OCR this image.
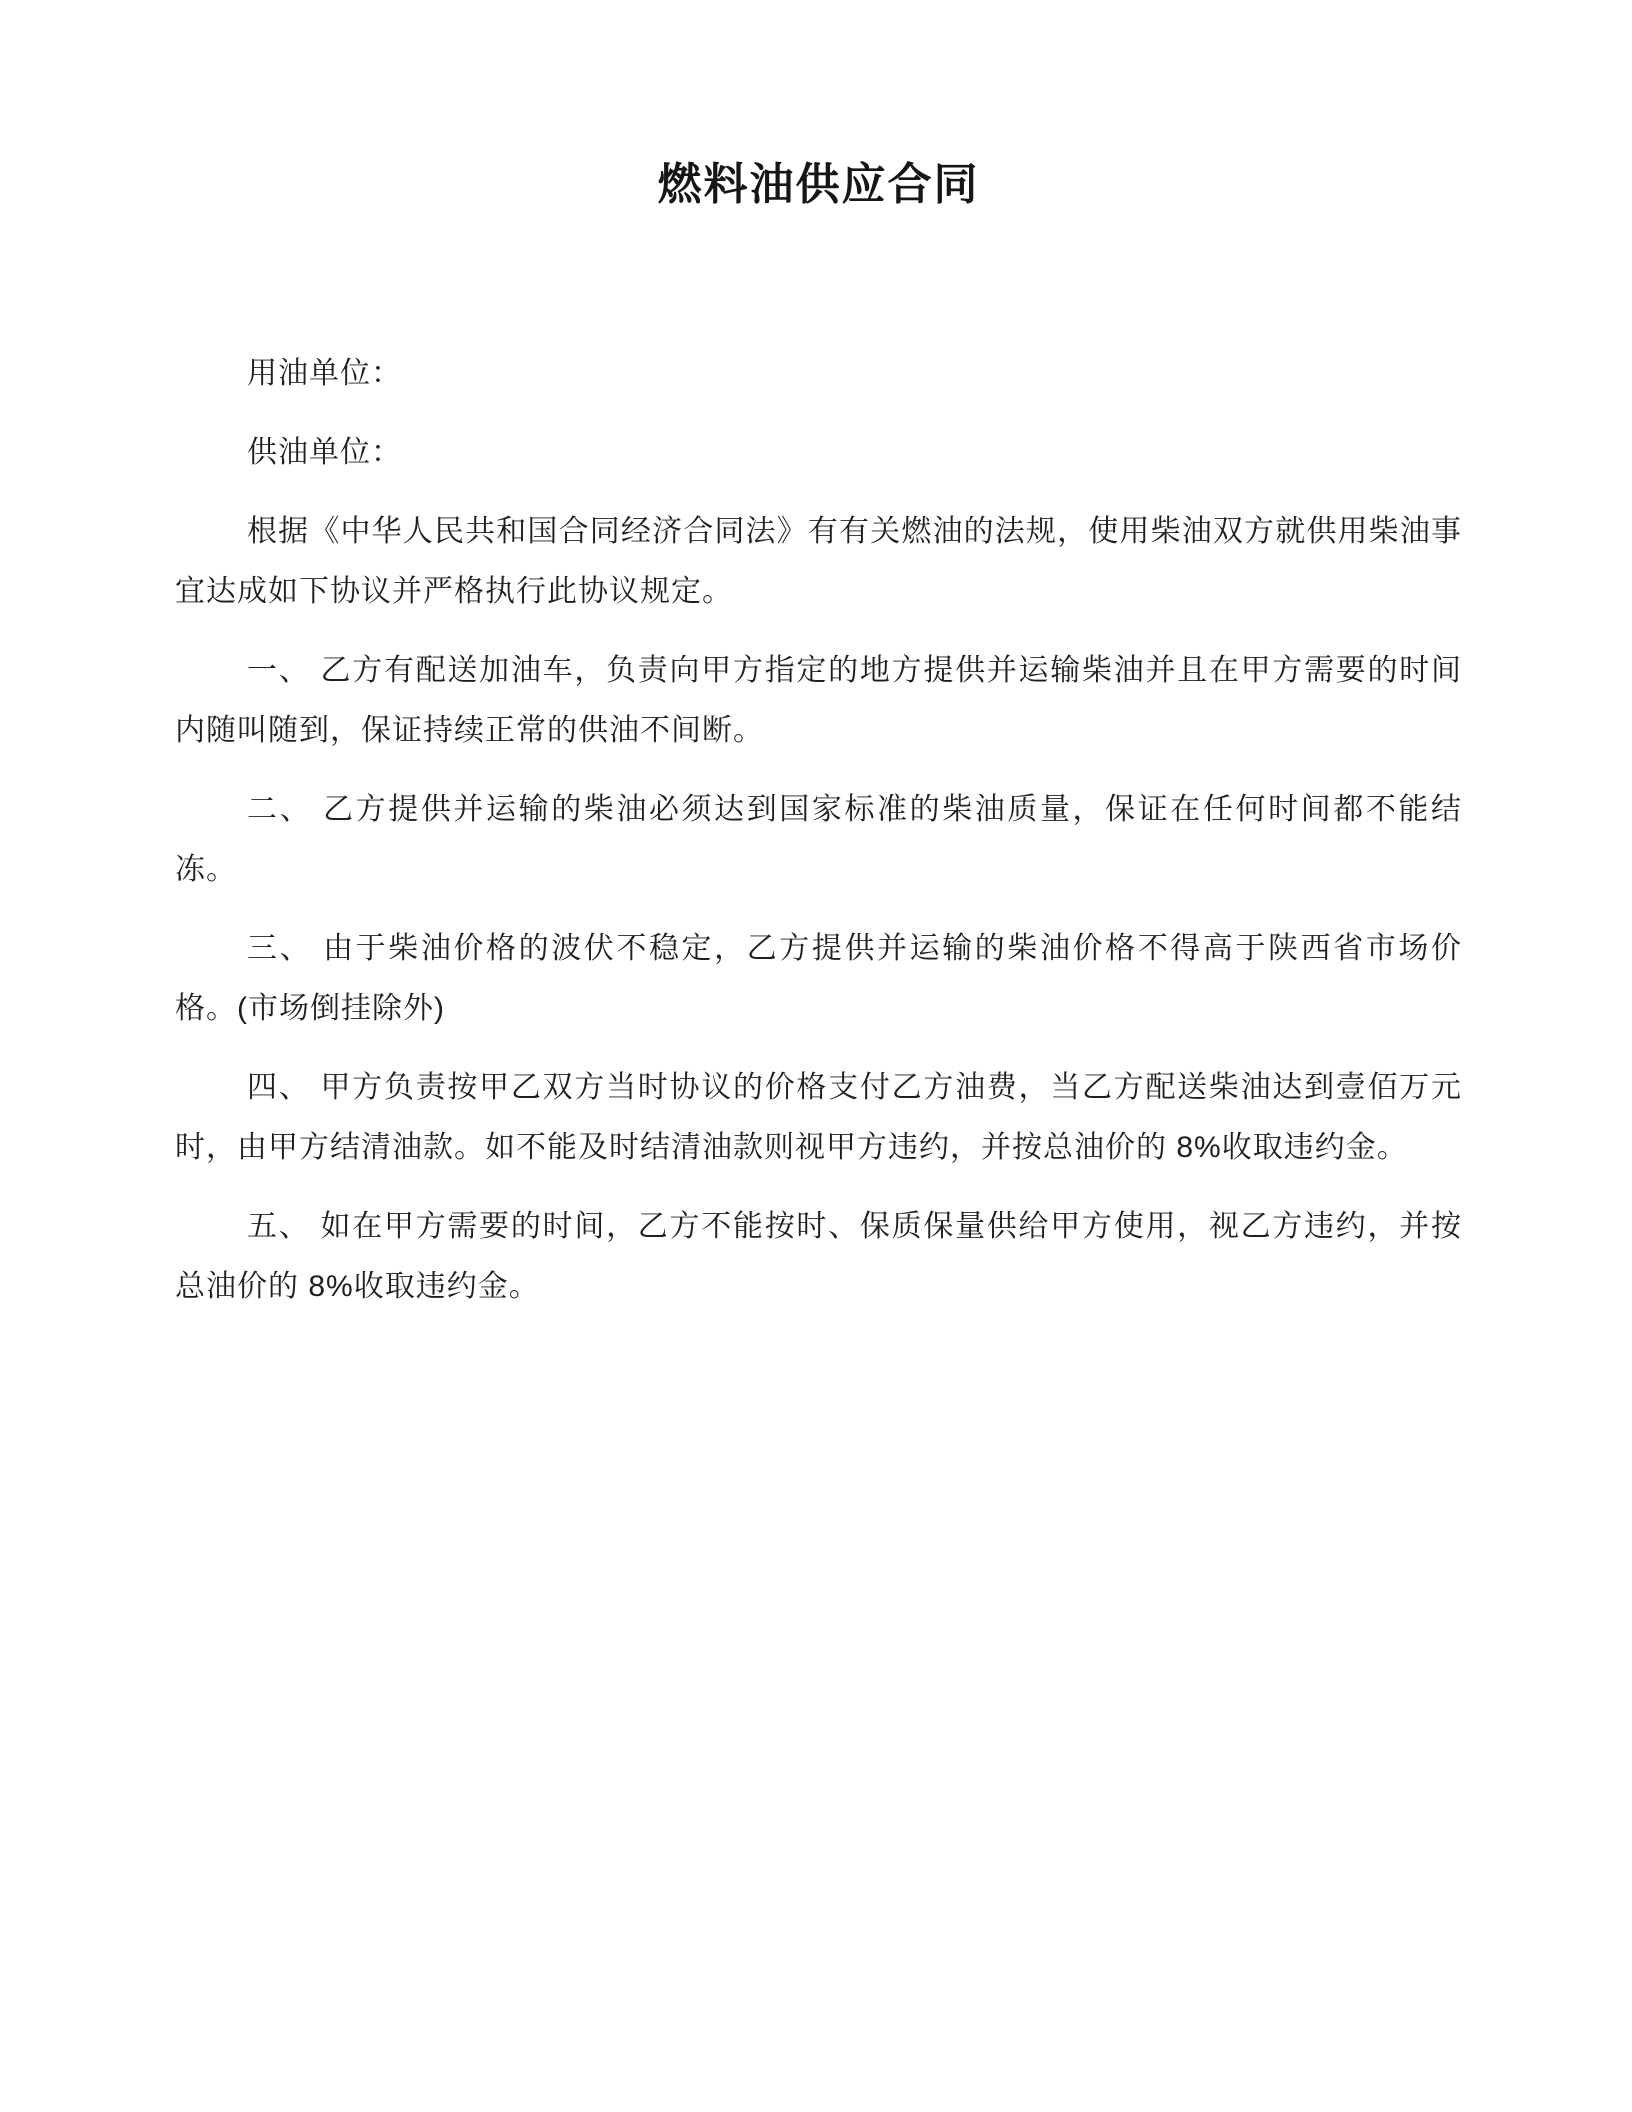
燃料油供应合同

用油单位：

供油单位：

根据《中华人民共和国合同经济合同法》有有关燃油的法规，使用柴油双方就供用柴油事宜达成如下协议并严格执行此协议规定。

一、 乙方有配送加油车，负责向甲方指定的地方提供并运输柴油并且在甲方需要的时间内随叫随到，保证持续正常的供油不间断。

二、 乙方提供并运输的柴油必须达到国家标准的柴油质量，保证在任何时间都不能结冻。

三、 由于柴油价格的波伏不稳定，乙方提供并运输的柴油价格不得高于陕西省市场价格。(市场倒挂除外)

四、 甲方负责按甲乙双方当时协议的价格支付乙方油费，当乙方配送柴油达到壹佰万元时，由甲方结清油款。如不能及时结清油款则视甲方违约，并按总油价的 8%收取违约金。

五、 如在甲方需要的时间，乙方不能按时、保质保量供给甲方使用，视乙方违约，并按总油价的 8%收取违约金。
